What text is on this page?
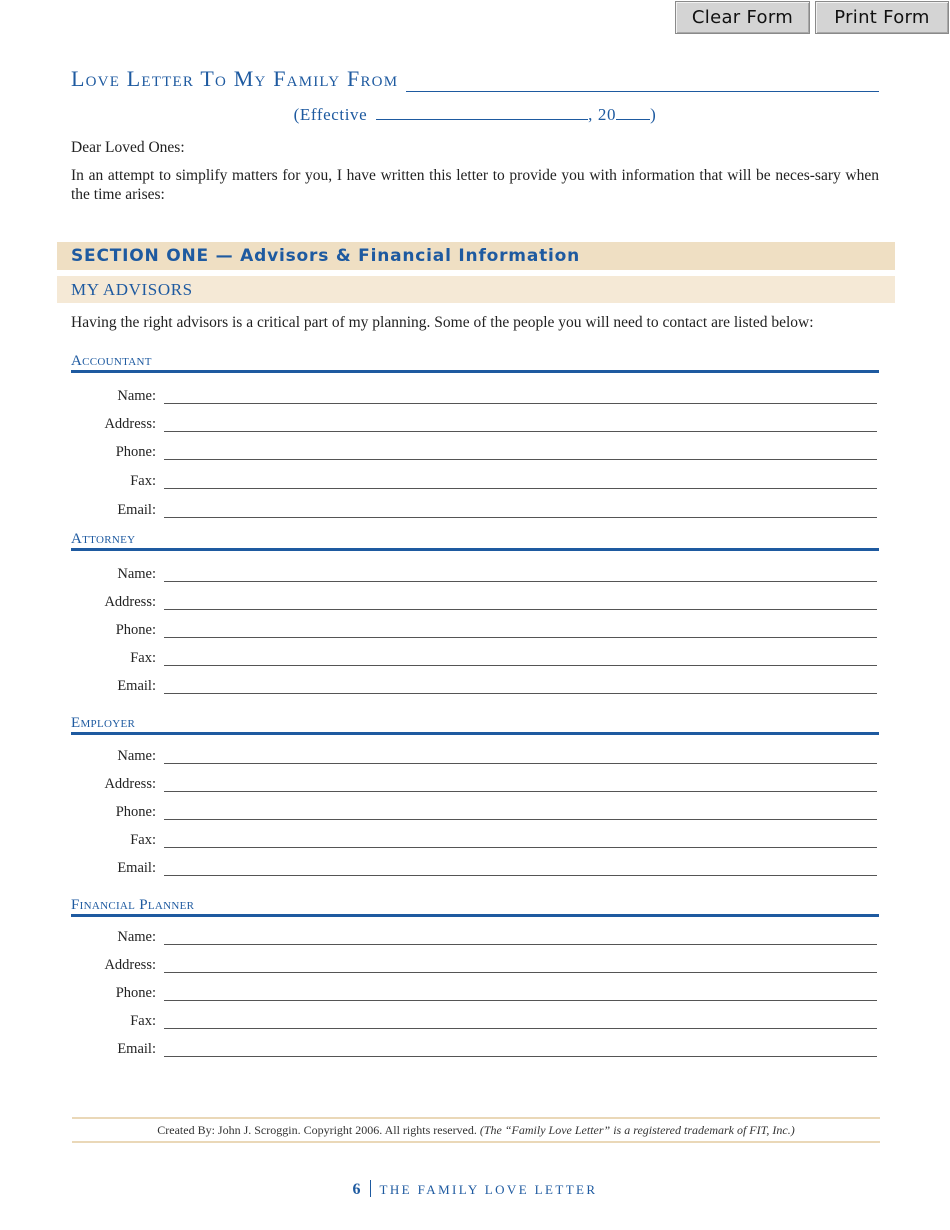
Clear Form	Print Form
Love Letter To My Family From
(Effective	, 20 )
Dear Loved Ones:
In an attempt to simplify matters for you, I have written this letter to provide you with information that will be neces-sary when the time arises:
SECTION ONE — Advisors & Financial Information
MY ADVISORS
Having the right advisors is a critical part of my planning. Some of the people you will need to contact are listed below:
Accountant
Name:
Address:
Phone:
Fax:
Email:
Attorney
Name:
Address:
Phone:
Fax:
Email:
Employer
Name:
Address:
Phone:
Fax:
Email:
Financial Planner
Name:
Address:
Phone:
Fax:
Email:
Created By: John J. Scroggin. Copyright 2006. All rights reserved. (The “Family Love Letter” is a registered trademark of FIT, Inc.)
6 THE FAMILY LOVE LETTER
